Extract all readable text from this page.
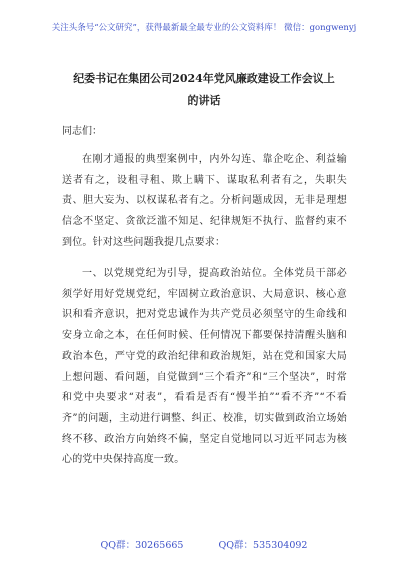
关注头条号“公文研究”，获得最新最全最专业的公文资料库！ 微信：gongwenyj
纪委书记在集团公司2024年党风廉政建设工作会议上的讲话
同志们：
在刚才通报的典型案例中，内外勾连、靠企吃企、利益输送者有之，设租寻租、欺上瞒下、谋取私利者有之，失职失责、胆大妄为、以权谋私者有之。分析问题成因，无非是理想信念不坚定、贪欲泛滥不知足、纪律规矩不执行、监督约束不到位。针对这些问题我提几点要求：
一、以党规党纪为引导，提高政治站位。全体党员干部必须学好用好党规党纪，牢固树立政治意识、大局意识、核心意识和看齐意识，把对党忠诚作为共产党员必须坚守的生命线和安身立命之本，在任何时候、任何情况下都要保持清醒头脑和政治本色，严守党的政治纪律和政治规矩，站在党和国家大局上想问题、看问题，自觉做到“三个看齐”和“三个坚决”，时常和党中央要求“对表”，看看是否有“慢半拍”“看不齐”“不看齐”的问题，主动进行调整、纠正、校准，切实做到政治立场始终不移、政治方向始终不偏，坚定自觉地同以习近平同志为核心的党中央保持高度一致。
QQ群：30265665	QQ群：535304092
